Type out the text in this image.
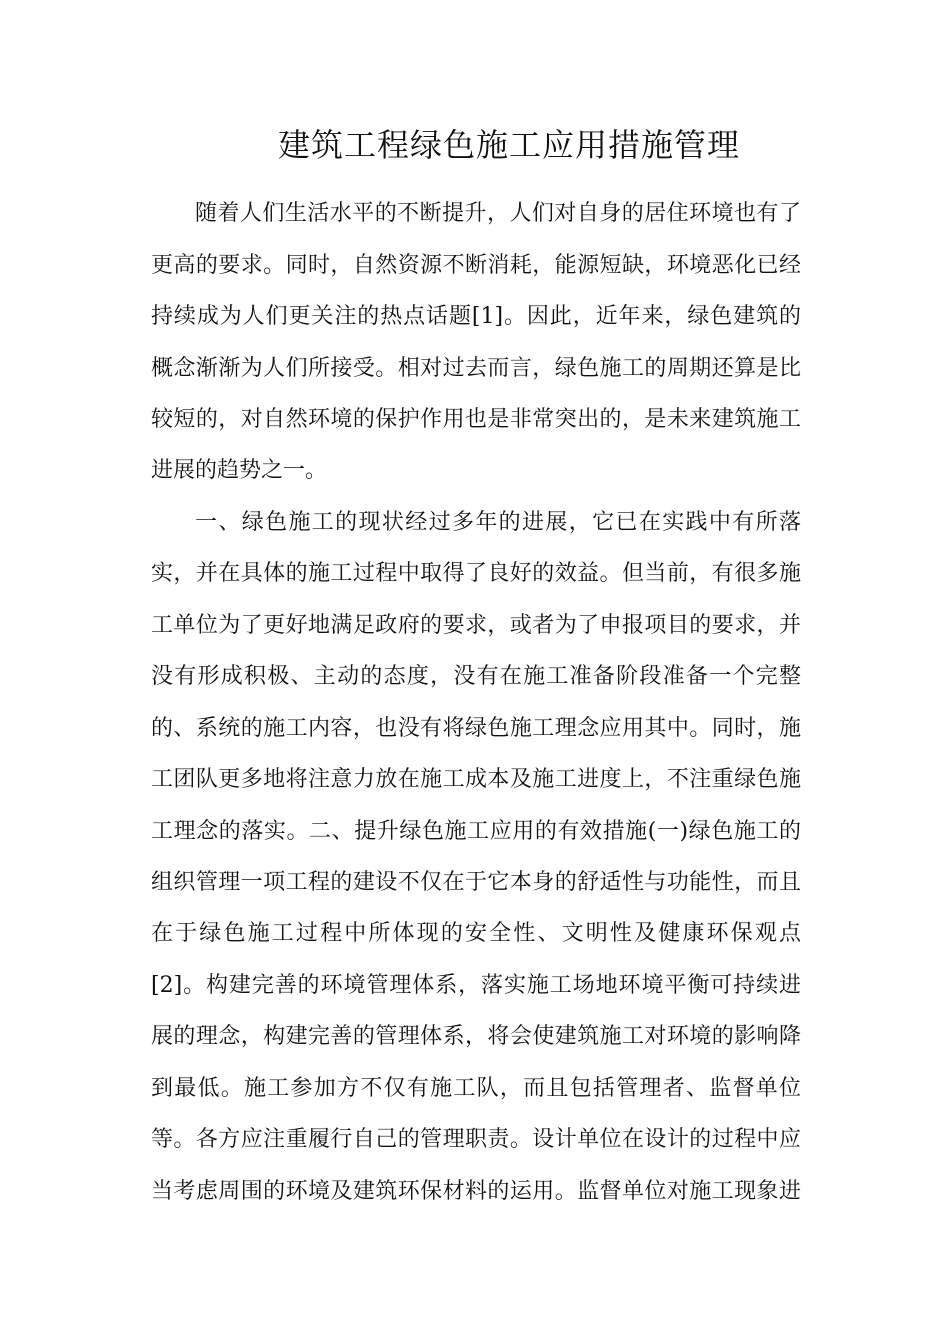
建筑工程绿色施工应用措施管理
随着人们生活水平的不断提升，人们对自身的居住环境也有了
更高的要求。同时，自然资源不断消耗，能源短缺，环境恶化已经
持续成为人们更关注的热点话题[1]。因此，近年来，绿色建筑的
概念渐渐为人们所接受。相对过去而言，绿色施工的周期还算是比
较短的，对自然环境的保护作用也是非常突出的，是未来建筑施工
进展的趋势之一。
一、绿色施工的现状经过多年的进展，它已在实践中有所落
实，并在具体的施工过程中取得了良好的效益。但当前，有很多施
工单位为了更好地满足政府的要求，或者为了申报项目的要求，并
没有形成积极、主动的态度，没有在施工准备阶段准备一个完整
的、系统的施工内容，也没有将绿色施工理念应用其中。同时，施
工团队更多地将注意力放在施工成本及施工进度上，不注重绿色施
工理念的落实。二、提升绿色施工应用的有效措施(一)绿色施工的
组织管理一项工程的建设不仅在于它本身的舒适性与功能性，而且
在于绿色施工过程中所体现的安全性、文明性及健康环保观点
[2]。构建完善的环境管理体系，落实施工场地环境平衡可持续进
展的理念，构建完善的管理体系，将会使建筑施工对环境的影响降
到最低。施工参加方不仅有施工队，而且包括管理者、监督单位
等。各方应注重履行自己的管理职责。设计单位在设计的过程中应
当考虑周围的环境及建筑环保材料的运用。监督单位对施工现象进
